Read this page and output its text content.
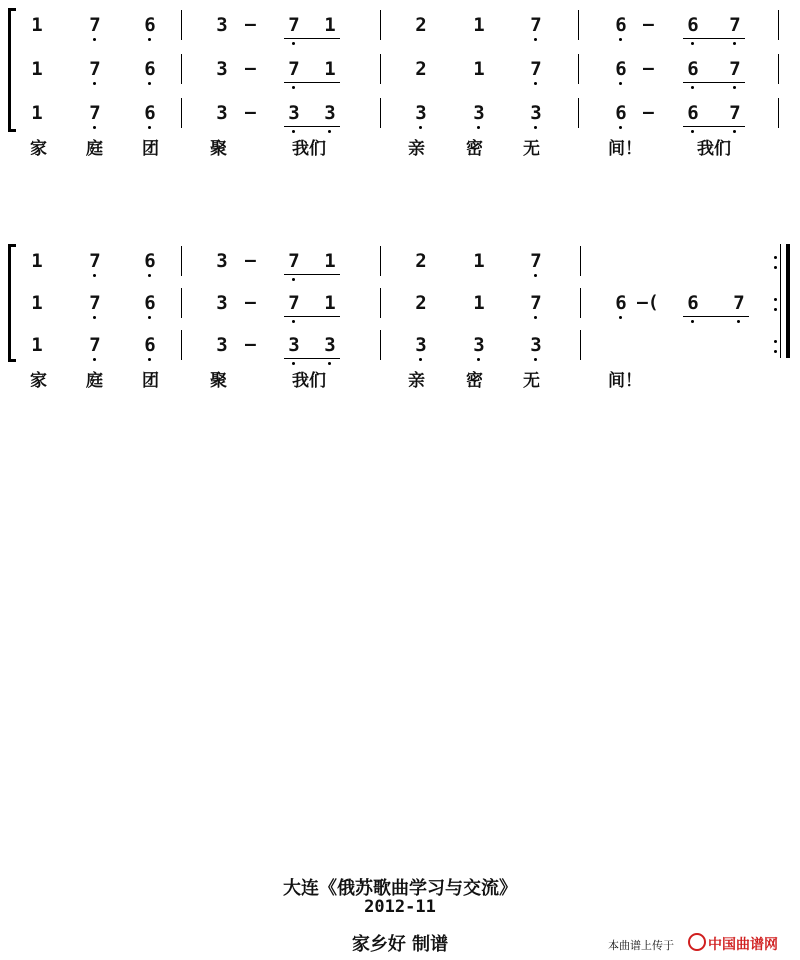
1 7 6	3 – 7 1	2 1 7	6 – 6 7
1 7 6	3 – 7 1	2 1 7	6 – 6 7
1 7 6	3 – 3 3	3 3 3	6 – 6 7
家 庭 团	聚	我们	亲 密 无	间！	我们
1 7 6	3 – 7 1	2 1 7
1 7 6	3 – 7 1	2 1 7	6 –( 6 7
1 7 6	3 – 3 3	3 3 3
家 庭 团	聚	我们	亲 密 无	间！
大连《俄苏歌曲学习与交流》
2012-11
家乡好 制谱	本曲谱上传于	中国曲谱网
